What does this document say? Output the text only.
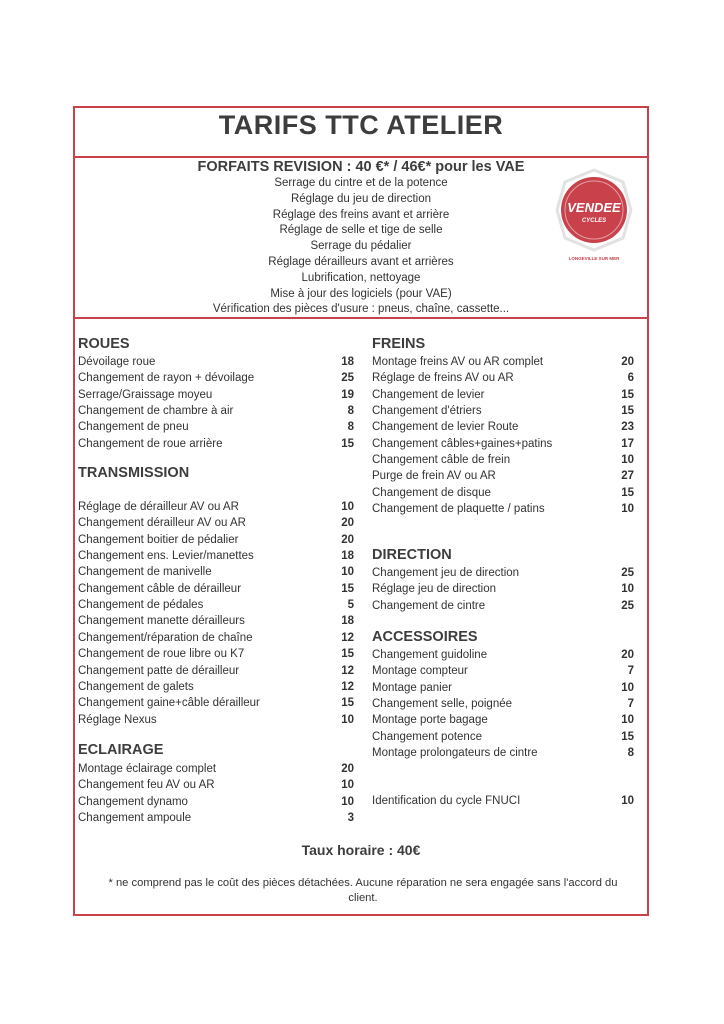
TARIFS TTC ATELIER
FORFAITS REVISION : 40 €* / 46€* pour les VAE
Serrage du cintre et de la potence
Réglage du jeu de direction
Réglage des freins avant et arrière
Réglage de selle et tige de selle
Serrage du pédalier
Réglage dérailleurs avant et arrières
Lubrification, nettoyage
Mise à jour des logiciels (pour VAE)
Vérification des pièces d'usure : pneus, chaîne, cassette...
VENDEE
CYCLES
LONGEVILLE SUR MER
ROUES
Dévoilage roue	18
Changement de rayon + dévoilage	25
Serrage/Graissage moyeu	19
Changement de chambre à air	8
Changement de pneu	8
Changement de roue arrière	15
TRANSMISSION
Réglage de dérailleur AV ou AR	10
Changement dérailleur AV ou AR	20
Changement boitier de pédalier	20
Changement ens. Levier/manettes	18
Changement de manivelle	10
Changement câble de dérailleur	15
Changement de pédales	5
Changement manette dérailleurs	18
Changement/réparation de chaîne	12
Changement de roue libre ou K7	15
Changement patte de dérailleur	12
Changement de galets	12
Changement gaine+câble dérailleur	15
Réglage Nexus	10
ECLAIRAGE
Montage éclairage complet	20
Changement feu AV ou AR	10
Changement dynamo	10
Changement ampoule	3
FREINS
Montage freins AV ou AR complet	20
Réglage de freins AV ou AR	6
Changement de levier	15
Changement d'étriers	15
Changement de levier Route	23
Changement câbles+gaines+patins	17
Changement câble de frein	10
Purge de frein AV ou AR	27
Changement de disque	15
Changement de plaquette / patins	10
DIRECTION
Changement jeu de direction	25
Réglage jeu de direction	10
Changement de cintre	25
ACCESSOIRES
Changement guidoline	20
Montage compteur	7
Montage panier	10
Changement selle, poignée	7
Montage porte bagage	10
Changement potence	15
Montage prolongateurs de cintre	8
Identification du cycle FNUCI	10
Taux horaire : 40€
* ne comprend pas le coût des pièces détachées. Aucune réparation ne sera engagée sans l'accord du client.
